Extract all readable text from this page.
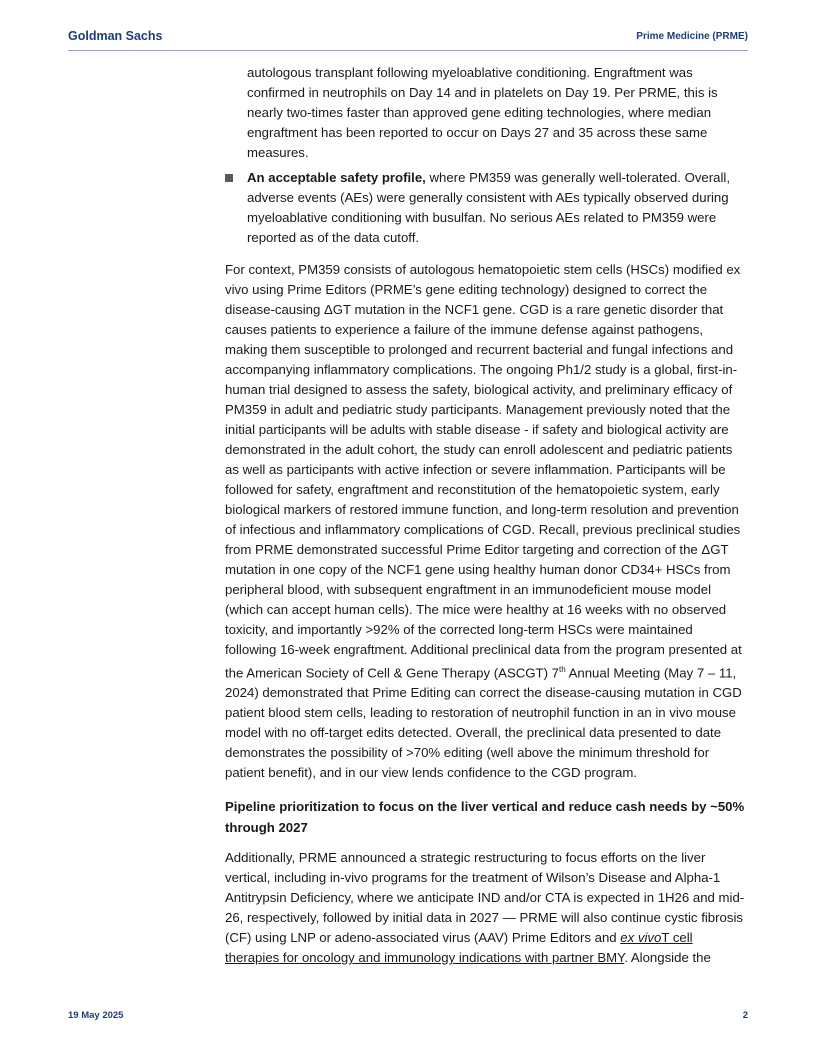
Goldman Sachs	Prime Medicine (PRME)
autologous transplant following myeloablative conditioning. Engraftment was confirmed in neutrophils on Day 14 and in platelets on Day 19. Per PRME, this is nearly two-times faster than approved gene editing technologies, where median engraftment has been reported to occur on Days 27 and 35 across these same measures.
An acceptable safety profile, where PM359 was generally well-tolerated. Overall, adverse events (AEs) were generally consistent with AEs typically observed during myeloablative conditioning with busulfan. No serious AEs related to PM359 were reported as of the data cutoff.
For context, PM359 consists of autologous hematopoietic stem cells (HSCs) modified ex vivo using Prime Editors (PRME’s gene editing technology) designed to correct the disease-causing ΔGT mutation in the NCF1 gene. CGD is a rare genetic disorder that causes patients to experience a failure of the immune defense against pathogens, making them susceptible to prolonged and recurrent bacterial and fungal infections and accompanying inflammatory complications. The ongoing Ph1/2 study is a global, first-in-human trial designed to assess the safety, biological activity, and preliminary efficacy of PM359 in adult and pediatric study participants. Management previously noted that the initial participants will be adults with stable disease - if safety and biological activity are demonstrated in the adult cohort, the study can enroll adolescent and pediatric patients as well as participants with active infection or severe inflammation. Participants will be followed for safety, engraftment and reconstitution of the hematopoietic system, early biological markers of restored immune function, and long-term resolution and prevention of infectious and inflammatory complications of CGD. Recall, previous preclinical studies from PRME demonstrated successful Prime Editor targeting and correction of the ΔGT mutation in one copy of the NCF1 gene using healthy human donor CD34+ HSCs from peripheral blood, with subsequent engraftment in an immunodeficient mouse model (which can accept human cells). The mice were healthy at 16 weeks with no observed toxicity, and importantly >92% of the corrected long-term HSCs were maintained following 16-week engraftment. Additional preclinical data from the program presented at the American Society of Cell & Gene Therapy (ASCGT) 7th Annual Meeting (May 7 – 11, 2024) demonstrated that Prime Editing can correct the disease-causing mutation in CGD patient blood stem cells, leading to restoration of neutrophil function in an in vivo mouse model with no off-target edits detected. Overall, the preclinical data presented to date demonstrates the possibility of >70% editing (well above the minimum threshold for patient benefit), and in our view lends confidence to the CGD program.
Pipeline prioritization to focus on the liver vertical and reduce cash needs by ~50% through 2027
Additionally, PRME announced a strategic restructuring to focus efforts on the liver vertical, including in-vivo programs for the treatment of Wilson’s Disease and Alpha-1 Antitrypsin Deficiency, where we anticipate IND and/or CTA is expected in 1H26 and mid-26, respectively, followed by initial data in 2027 — PRME will also continue cystic fibrosis (CF) using LNP or adeno-associated virus (AAV) Prime Editors and ex vivoT cell therapies for oncology and immunology indications with partner BMY. Alongside the
19 May 2025	2
